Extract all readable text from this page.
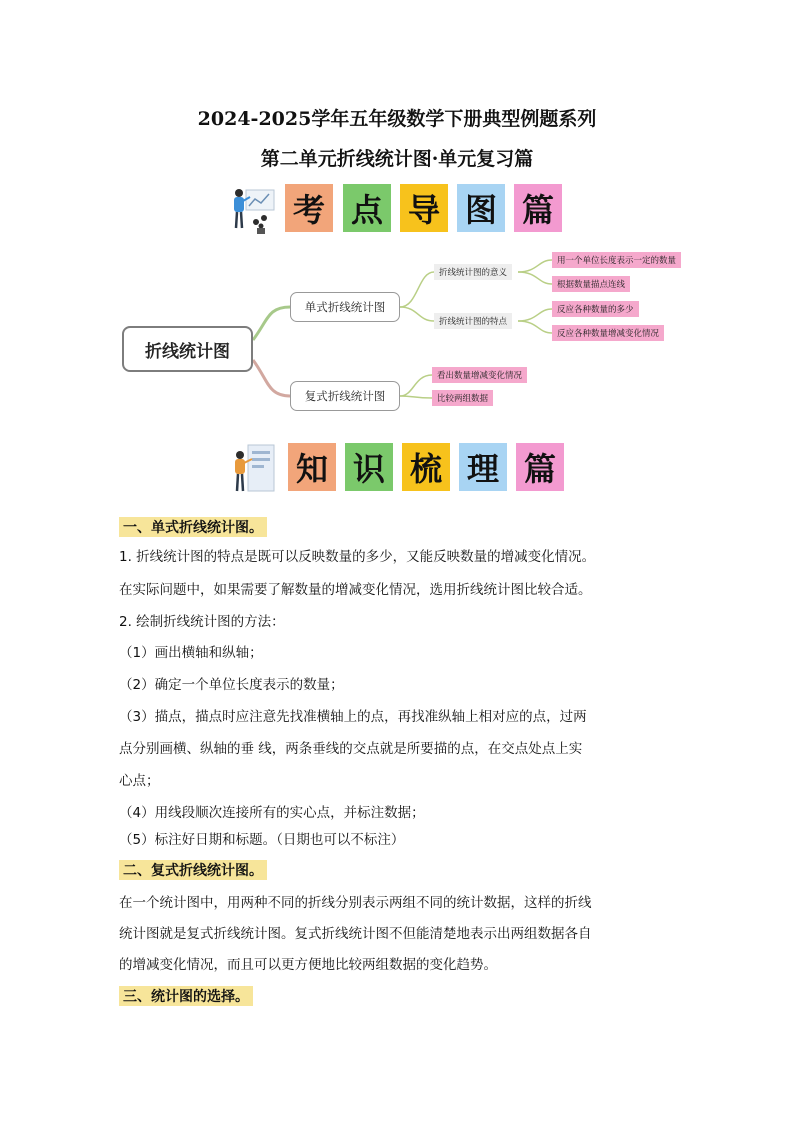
2024-2025学年五年级数学下册典型例题系列
第二单元折线统计图·单元复习篇
考 点 导 图 篇
折线统计图
单式折线统计图
复式折线统计图
折线统计图的意义
折线统计图的特点
用一个单位长度表示一定的数量
根据数量描点连线
反应各种数量的多少
反应各种数量增减变化情况
看出数量增减变化情况
比较两组数据
知 识 梳 理 篇
一、单式折线统计图。
1. 折线统计图的特点是既可以反映数量的多少，又能反映数量的增减变化情况。
在实际问题中，如果需要了解数量的增减变化情况，选用折线统计图比较合适。
2. 绘制折线统计图的方法：
（1）画出横轴和纵轴；
（2）确定一个单位长度表示的数量；
（3）描点，描点时应注意先找准横轴上的点，再找准纵轴上相对应的点，过两
点分别画横、纵轴的垂 线，两条垂线的交点就是所要描的点，在交点处点上实
心点；
（4）用线段顺次连接所有的实心点，并标注数据；
（5）标注好日期和标题。（日期也可以不标注）
二、复式折线统计图。
在一个统计图中，用两种不同的折线分别表示两组不同的统计数据，这样的折线
统计图就是复式折线统计图。复式折线统计图不但能清楚地表示出两组数据各自
的增减变化情况，而且可以更方便地比较两组数据的变化趋势。
三、统计图的选择。
